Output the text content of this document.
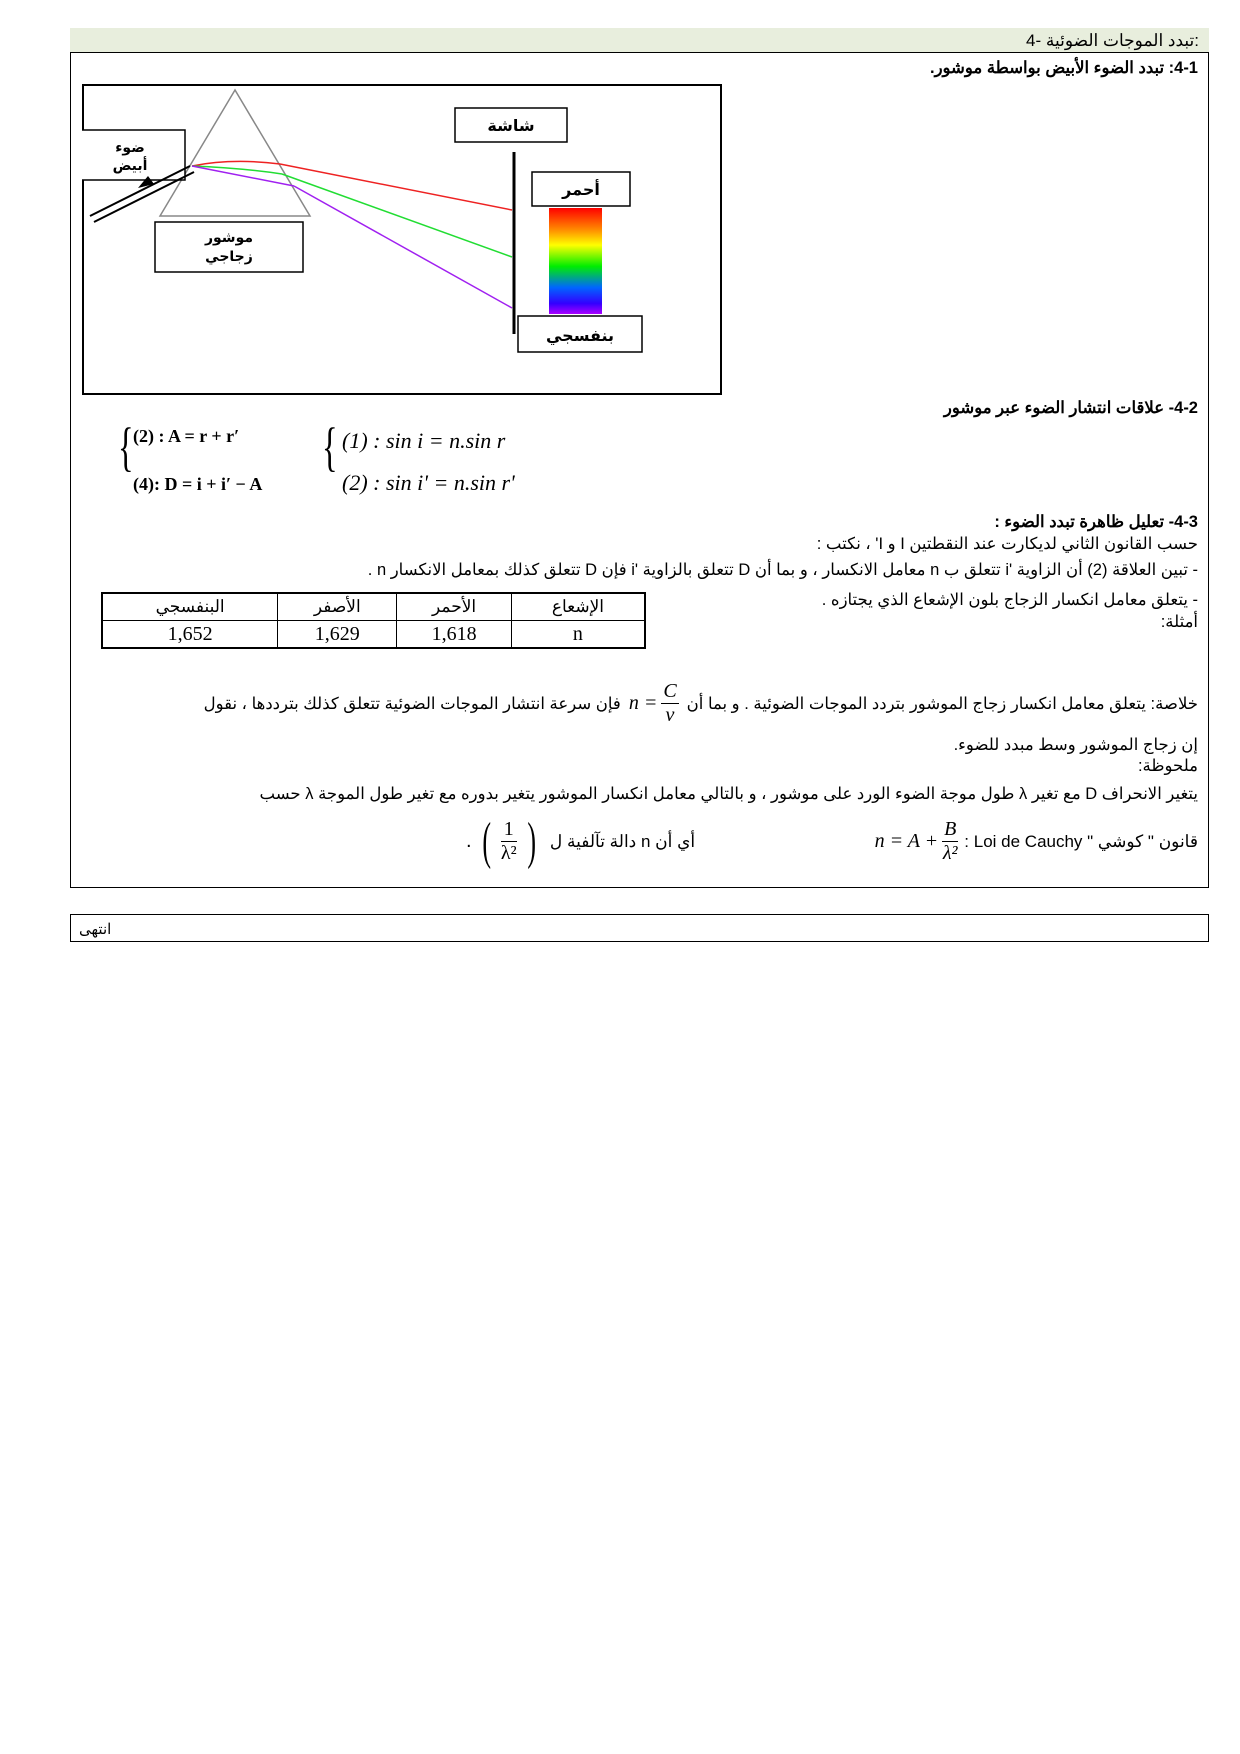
4- تبدد الموجات الضوئية:
4-1: تبدد الضوء الأبيض بواسطة موشور.
ضوء
أبيض
شاشة
موشور
زجاجي
أحمر
بنفسجي
4-2- علاقات انتشار الضوء عبر موشور
{ (2) : A = r + r′
(4): D = i + i′ − A
{ (1) : sin i = n.sin r
(2) : sin i' = n.sin r'
4-3- تعليل ظاهرة تبدد الضوء :
حسب القانون الثاني لديكارت عند النقطتين I و I' ، نكتب :
- تبين العلاقة (2) أن الزاوية 'i تتعلق ب n معامل الانكسار ، و بما أن D تتعلق بالزاوية 'i فإن D تتعلق كذلك بمعامل الانكسار n .
- يتعلق معامل انكسار الزجاج بلون الإشعاع الذي يجتازه .
أمثلة:
الإشعاع	الأحمر	الأصفر	البنفسجي
n	1,618	1,629	1,652
خلاصة: يتعلق معامل انكسار زجاج الموشور بتردد الموجات الضوئية . و بما أن
$n = \frac{C}{v}$
فإن سرعة انتشار الموجات الضوئية تتعلق كذلك بترددها ، نقول
إن زجاج الموشور وسط مبدد للضوء.
ملحوظة:
يتغير الانحراف D مع تغير λ طول موجة الضوء الورد على موشور ، و بالتالي معامل انكسار الموشور يتغير بدوره مع تغير طول الموجة λ حسب
$n = A + \frac{B}{\text{λ²}}$ قانون " كوشي " Loi de Cauchy :
. ( $\frac{1}{\text{λ²}}$ ) أي أن n دالة تآلفية ل
انتهى
